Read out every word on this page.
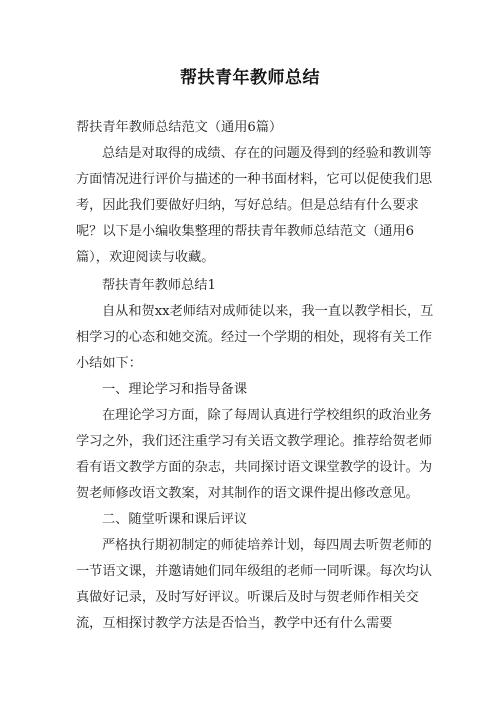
帮扶青年教师总结

帮扶青年教师总结范文（通用6篇）

总结是对取得的成绩、存在的问题及得到的经验和教训等方面情况进行评价与描述的一种书面材料，它可以促使我们思考，因此我们要做好归纳，写好总结。但是总结有什么要求呢？以下是小编收集整理的帮扶青年教师总结范文（通用6篇），欢迎阅读与收藏。

帮扶青年教师总结1

自从和贺xx老师结对成师徒以来，我一直以教学相长，互相学习的心态和她交流。经过一个学期的相处，现将有关工作小结如下：

一、理论学习和指导备课

在理论学习方面，除了每周认真进行学校组织的政治业务学习之外，我们还注重学习有关语文教学理论。推荐给贺老师看有语文教学方面的杂志，共同探讨语文课堂教学的设计。为贺老师修改语文教案，对其制作的语文课件提出修改意见。

二、随堂听课和课后评议

严格执行期初制定的师徒培养计划，每四周去听贺老师的一节语文课，并邀请她们同年级组的老师一同听课。每次均认真做好记录，及时写好评议。听课后及时与贺老师作相关交流，互相探讨教学方法是否恰当，教学中还有什么需要
